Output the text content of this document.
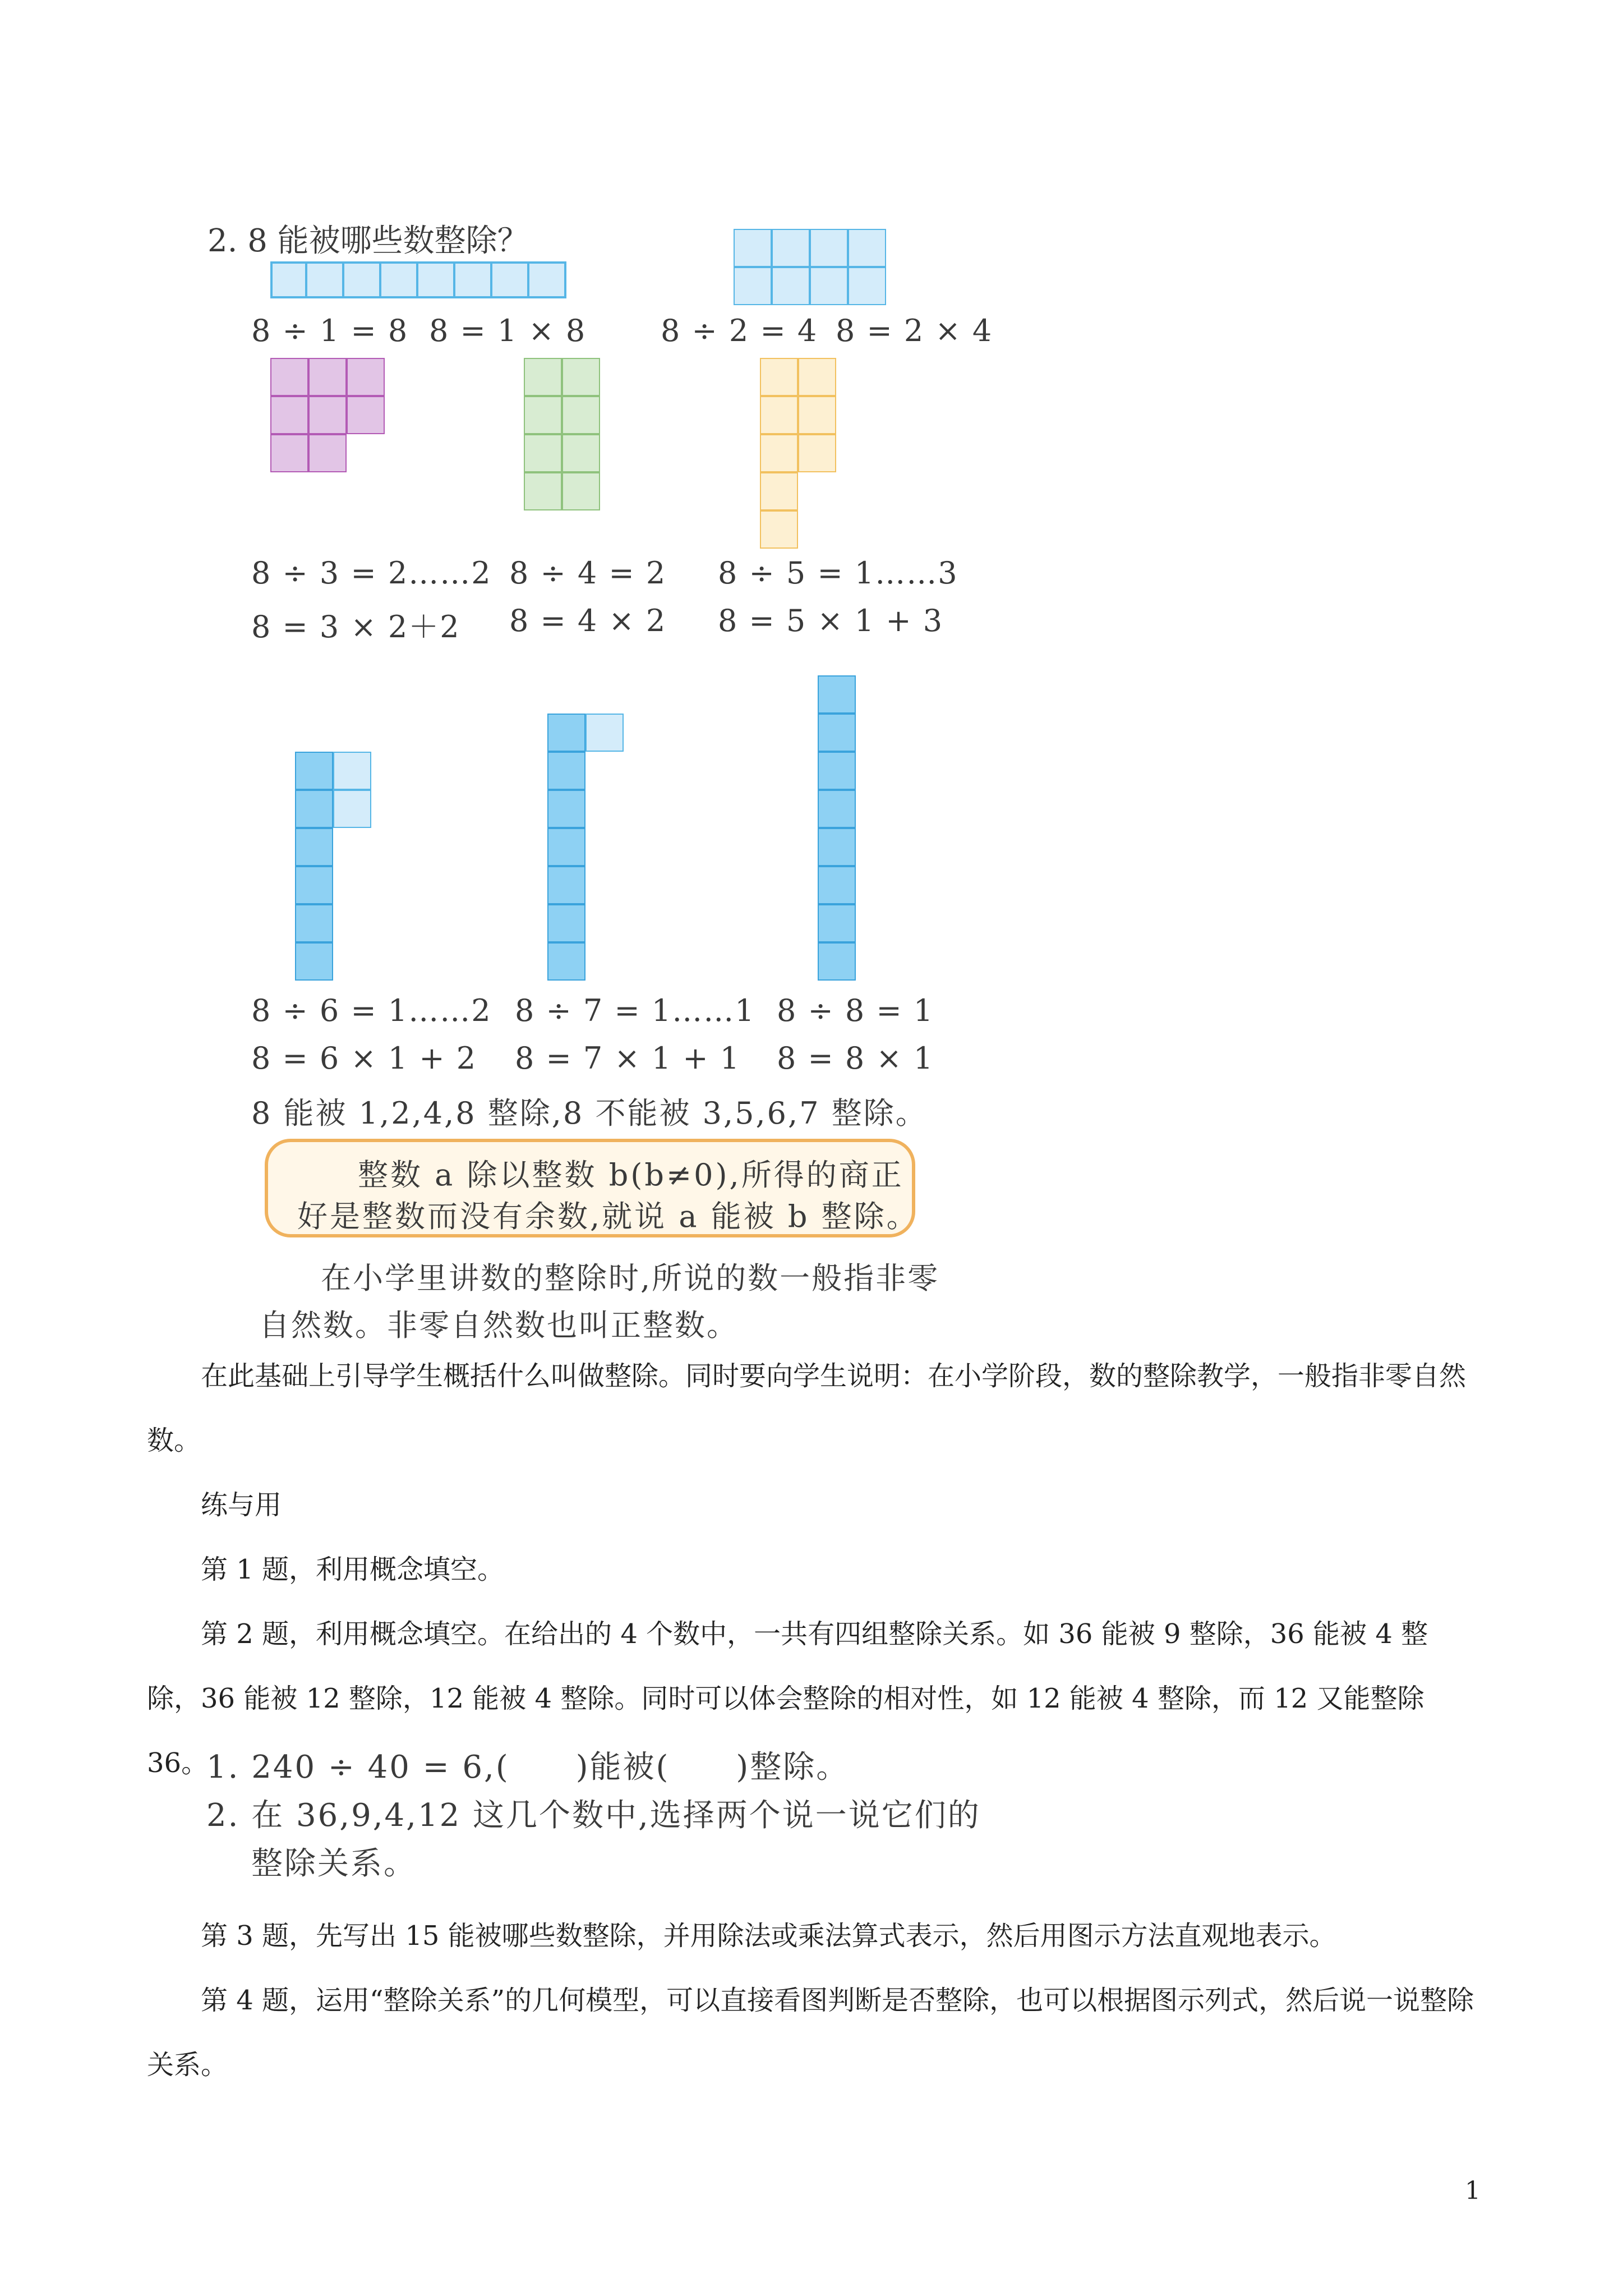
2. 8 能被哪些数整除？
8 ÷ 1 = 8 8 = 1 × 8 8 ÷ 2 = 4 8 = 2 × 4
8 ÷ 3 = 2……2
8 = 3 × 2＋2
8 ÷ 4 = 2
8 = 4 × 2
8 ÷ 5 = 1……3
8 = 5 × 1 + 3
8 ÷ 6 = 1……2
8 = 6 × 1 + 2
8 ÷ 7 = 1……1
8 = 7 × 1 + 1
8 ÷ 8 = 1
8 = 8 × 1
8 能被 1,2,4,8 整除,8 不能被 3,5,6,7 整除。
整数 a 除以整数 b(b≠0),所得的商正
好是整数而没有余数,就说 a 能被 b 整除。
在小学里讲数的整除时,所说的数一般指非零
自然数。非零自然数也叫正整数。
在此基础上引导学生概括什么叫做整除。同时要向学生说明：在小学阶段，数的整除教学，一般指非零自然数。
练与用
第 1 题，利用概念填空。
第 2 题，利用概念填空。在给出的 4 个数中，一共有四组整除关系。如 36 能被 9 整除，36 能被 4 整除，36 能被 12 整除，12 能被 4 整除。同时可以体会整除的相对性，如 12 能被 4 整除，而 12 又能整除 36。
1. 240 ÷ 40 = 6,(　　)能被(　　)整除。
2. 在 36,9,4,12 这几个数中,选择两个说一说它们的
整除关系。
第 3 题，先写出 15 能被哪些数整除，并用除法或乘法算式表示，然后用图示方法直观地表示。
第 4 题，运用“整除关系”的几何模型，可以直接看图判断是否整除，也可以根据图示列式，然后说一说整除关系。
1
